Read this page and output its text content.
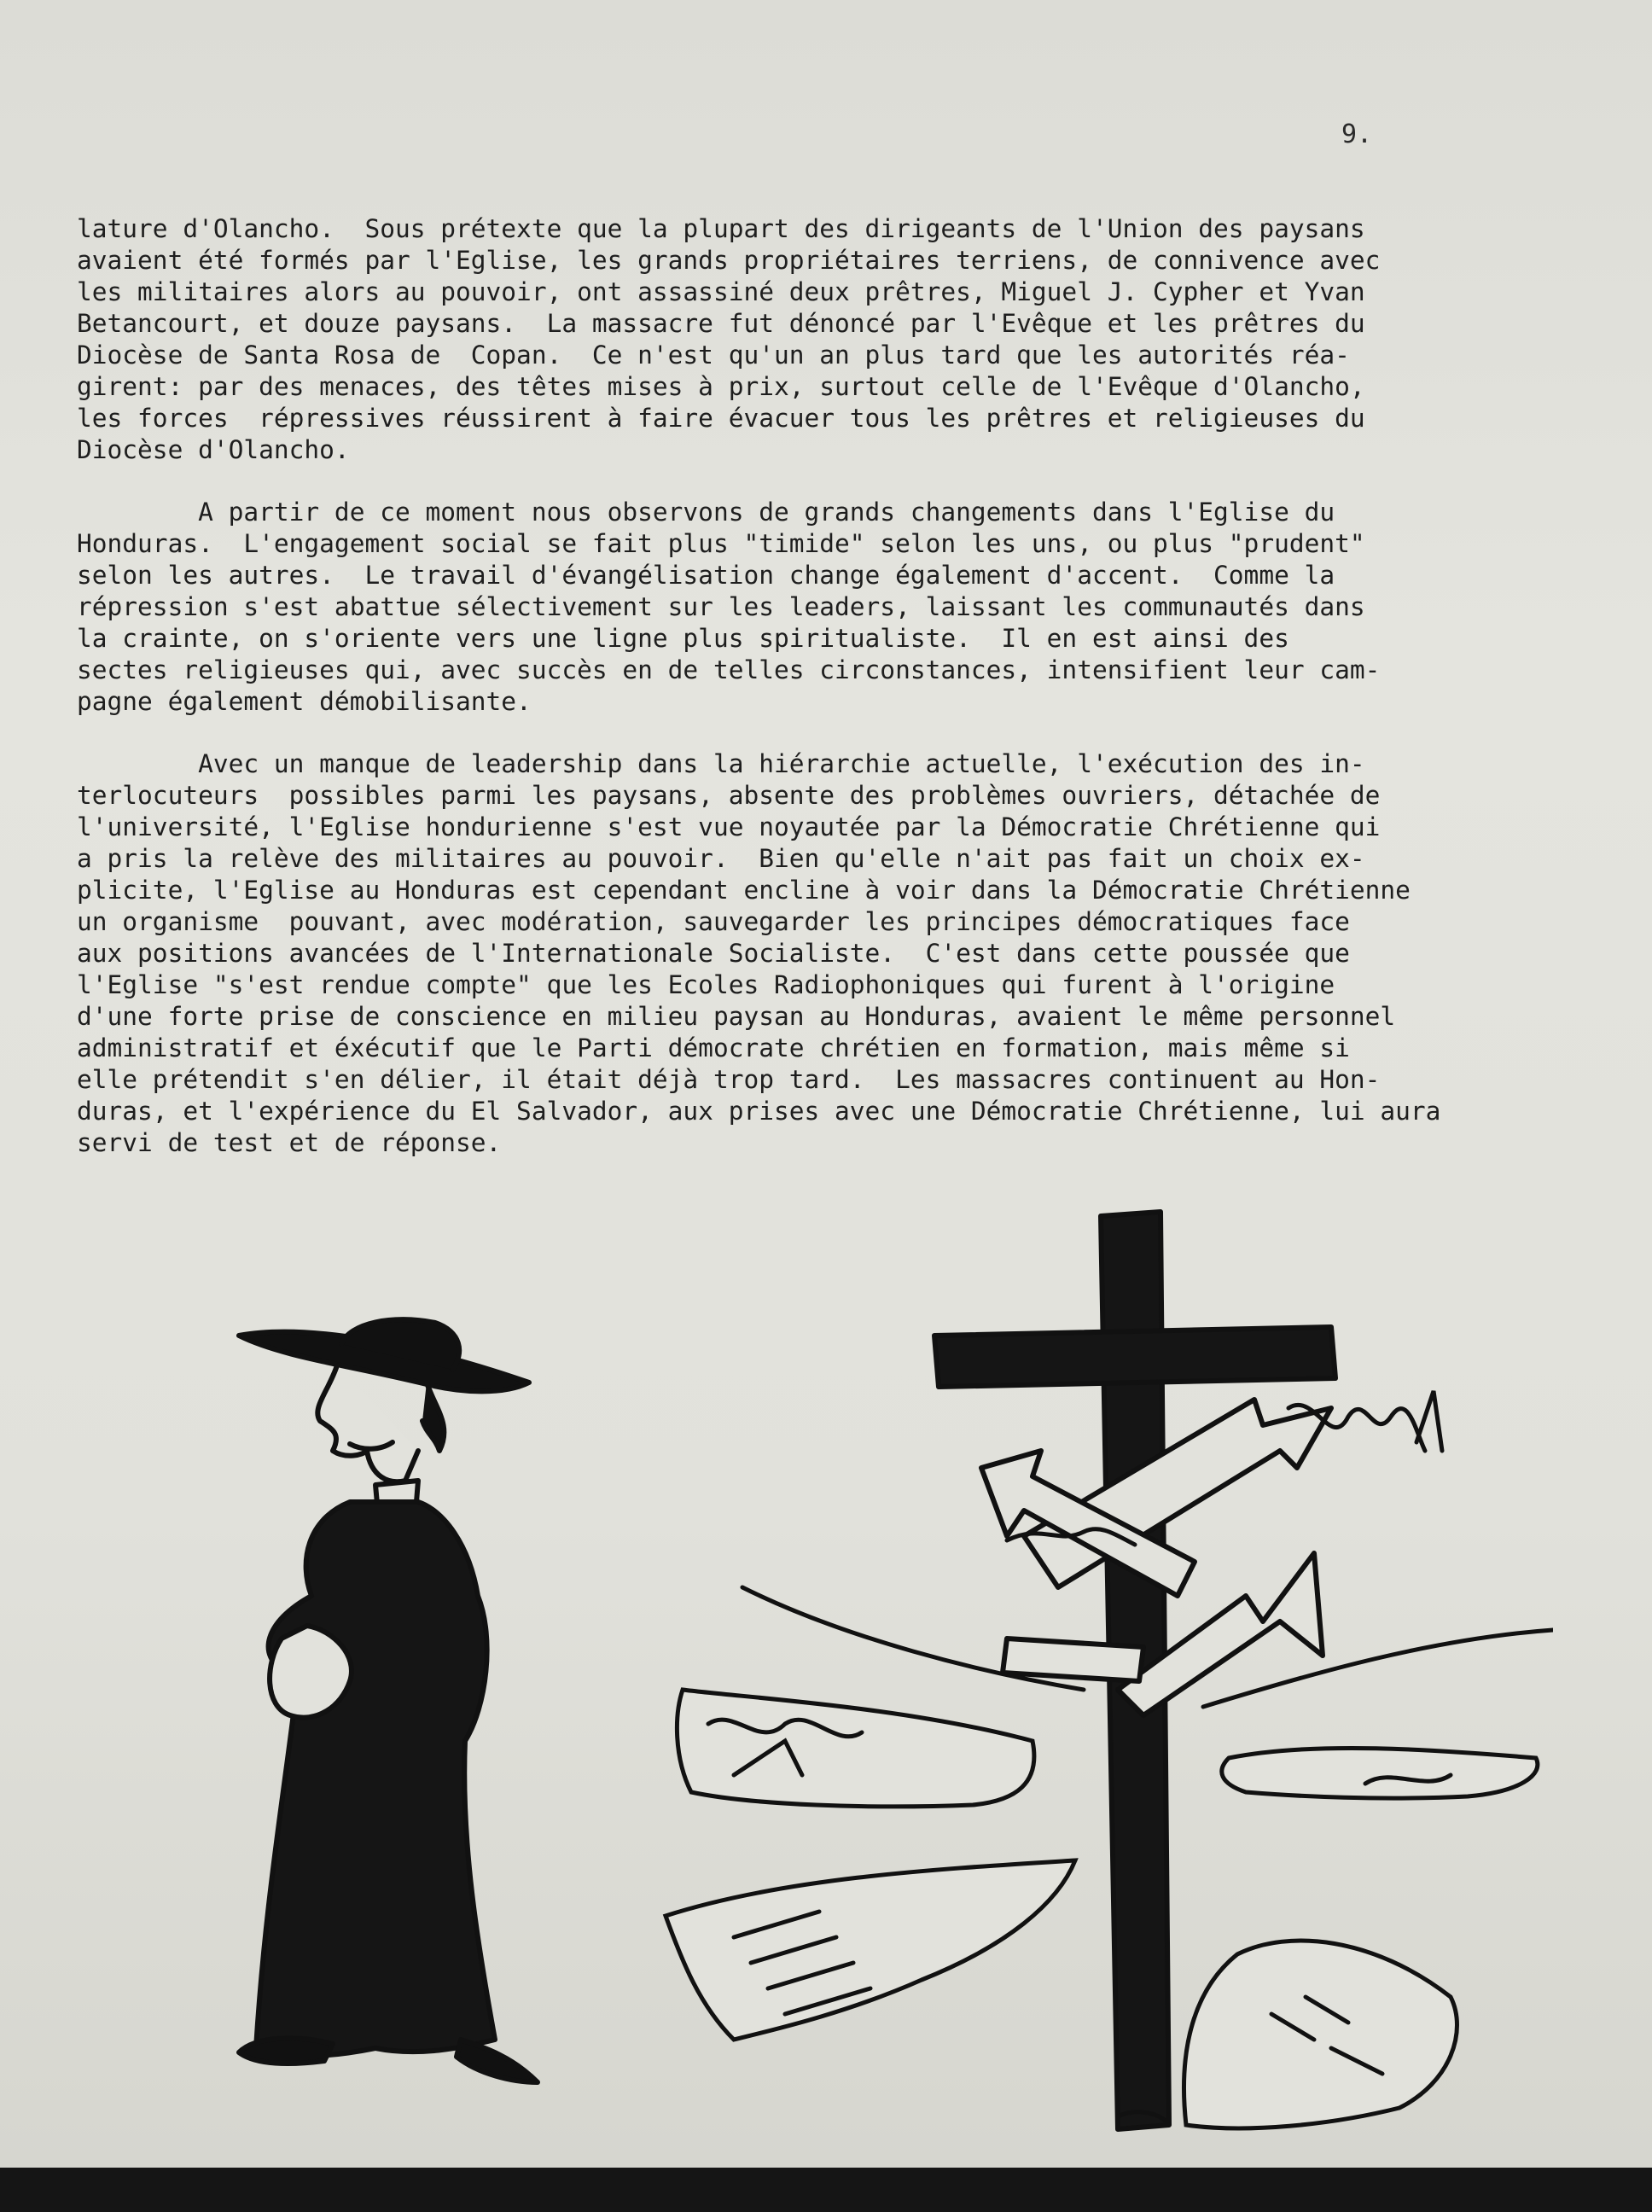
9.

lature d'Olancho.  Sous prétexte que la plupart des dirigeants de l'Union des paysans
avaient été formés par l'Eglise, les grands propriétaires terriens, de connivence avec
les militaires alors au pouvoir, ont assassiné deux prêtres, Miguel J. Cypher et Yvan
Betancourt, et douze paysans.  La massacre fut dénoncé par l'Evêque et les prêtres du
Diocèse de Santa Rosa de  Copan.  Ce n'est qu'un an plus tard que les autorités réa-
girent: par des menaces, des têtes mises à prix, surtout celle de l'Evêque d'Olancho,
les forces  répressives réussirent à faire évacuer tous les prêtres et religieuses du
Diocèse d'Olancho.

A partir de ce moment nous observons de grands changements dans l'Eglise du
Honduras.  L'engagement social se fait plus "timide" selon les uns, ou plus "prudent"
selon les autres.  Le travail d'évangélisation change également d'accent.  Comme la
répression s'est abattue sélectivement sur les leaders, laissant les communautés dans
la crainte, on s'oriente vers une ligne plus spiritualiste.  Il en est ainsi des
sectes religieuses qui, avec succès en de telles circonstances, intensifient leur cam-
pagne également démobilisante.

Avec un manque de leadership dans la hiérarchie actuelle, l'exécution des in-
terlocuteurs  possibles parmi les paysans, absente des problèmes ouvriers, détachée de
l'université, l'Eglise hondurienne s'est vue noyautée par la Démocratie Chrétienne qui
a pris la relève des militaires au pouvoir.  Bien qu'elle n'ait pas fait un choix ex-
plicite, l'Eglise au Honduras est cependant encline à voir dans la Démocratie Chrétienne
un organisme  pouvant, avec modération, sauvegarder les principes démocratiques face
aux positions avancées de l'Internationale Socialiste.  C'est dans cette poussée que
l'Eglise "s'est rendue compte" que les Ecoles Radiophoniques qui furent à l'origine
d'une forte prise de conscience en milieu paysan au Honduras, avaient le même personnel
administratif et éxécutif que le Parti démocrate chrétien en formation, mais même si
elle prétendit s'en délier, il était déjà trop tard.  Les massacres continuent au Hon-
duras, et l'expérience du El Salvador, aux prises avec une Démocratie Chrétienne, lui aura
servi de test et de réponse.
